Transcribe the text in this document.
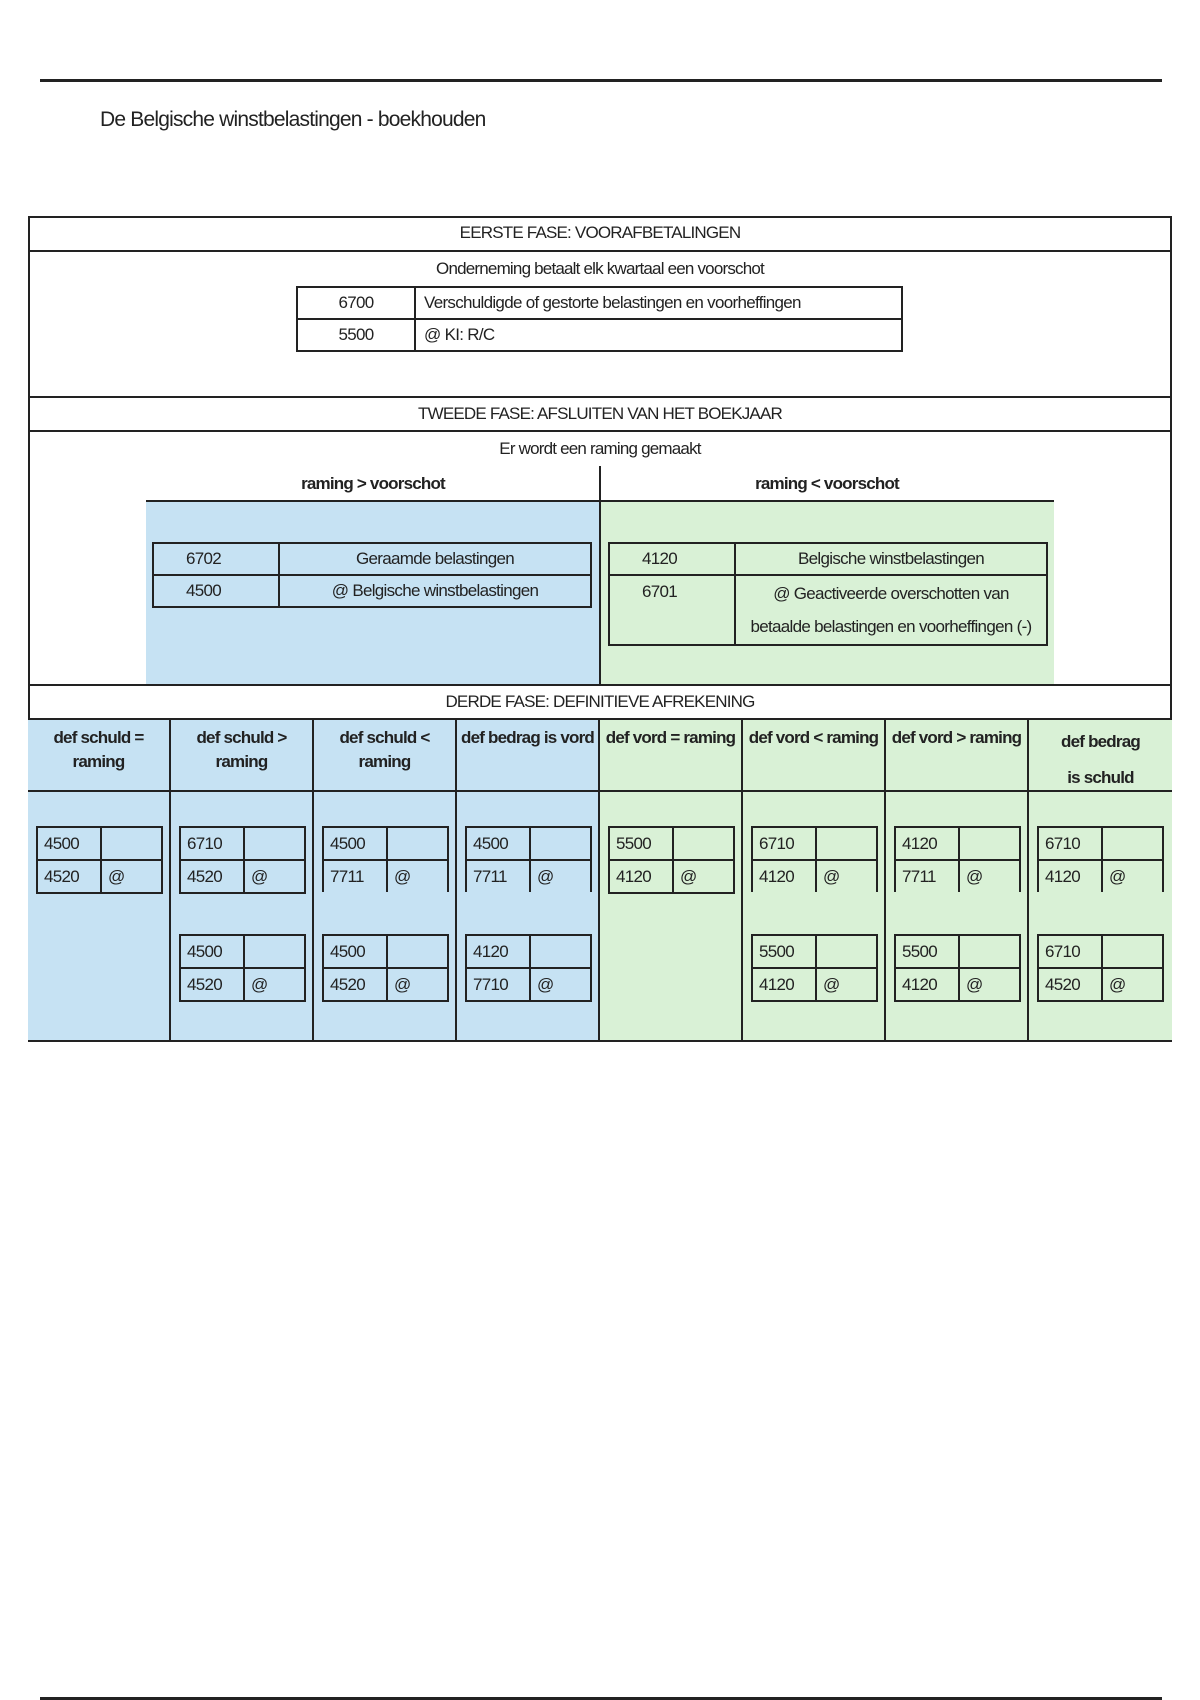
De Belgische winstbelastingen - boekhouden
EERSTE FASE: VOORAFBETALINGEN
Onderneming betaalt elk kwartaal een voorschot
6700	Verschuldigde of gestorte belastingen en voorheffingen
5500	@ KI: R/C
TWEEDE FASE: AFSLUITEN VAN HET BOEKJAAR
Er wordt een raming gemaakt
raming > voorschot	raming < voorschot
6702	Geraamde belastingen
4500	@ Belgische winstbelastingen
4120	Belgische winstbelastingen
6701	@ Geactiveerde overschotten van betaalde belastingen en voorheffingen (-)
DERDE FASE: DEFINITIEVE AFREKENING
def schuld = raming
4500	
4520	@
def schuld > raming
6710	
4520	@
4500	
4520	@
def schuld < raming
4500	
7711	@
4500	
4520	@
def bedrag is vord
4500	
7711	@
4120	
7710	@
def vord = raming
5500	
4120	@
def vord < raming
6710	
4120	@
5500	
4120	@
def vord > raming
4120	
7711	@
5500	
4120	@
def bedrag is schuld
6710	
4120	@
6710	
4520	@
